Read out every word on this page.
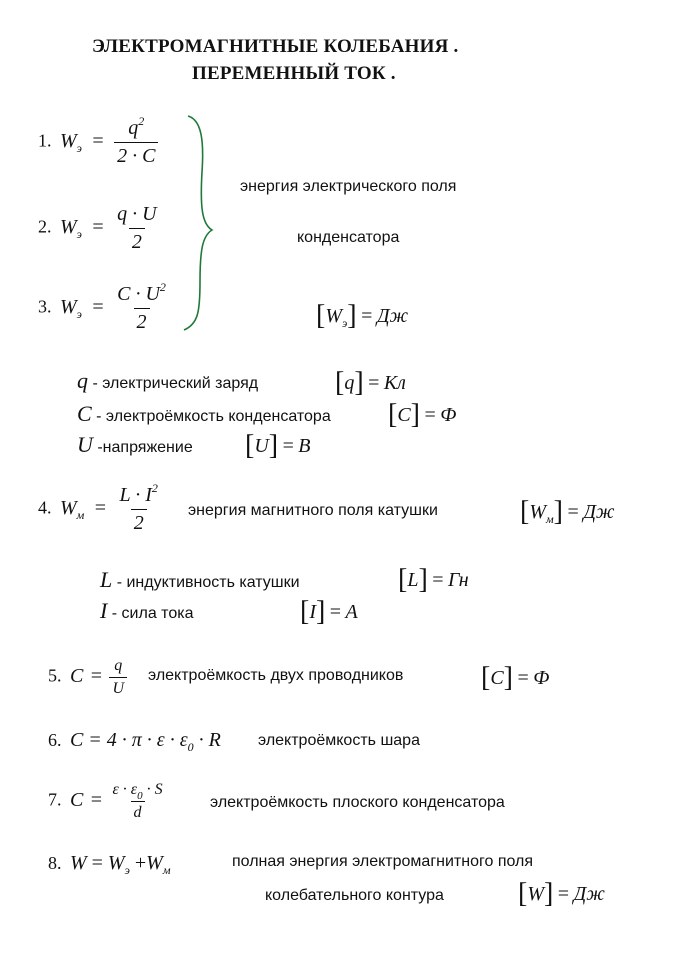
ЭЛЕКТРОМАГНИТНЫЕ КОЛЕБАНИЯ .
ПЕРЕМЕННЫЙ ТОК .
1. $W_э = \frac{q^2}{2 \cdot C}$
2. $W_э = \frac{q \cdot U}{2}$
3. $W_э = \frac{C \cdot U^2}{2}$
энергия электрического поля
конденсатора
$[W_э]$ = Дж
q - электрический заряд	[q] = Кл
C - электроёмкость конденсатора [C] = Ф
U -напряжение [U] = В
4. $W_м = \frac{L \cdot I^2}{2}$ энергия магнитного поля катушки	$[W_м]$ = Дж
L - индуктивность катушки	[L] = Гн
I - сила тока	[I] = А
5. $C = \frac{q}{U}$ электроёмкость двух проводников	[C] = Ф
6. $C = 4 \cdot \pi \cdot \varepsilon \cdot \varepsilon_0 \cdot R$ электроёмкость шара
7. $C = \frac{\varepsilon \cdot \varepsilon_0 \cdot S}{d}$	электроёмкость плоского конденсатора
8. $W = W_э +W_м$	полная энергия электромагнитного поля
колебательного контура	[W] = Дж
